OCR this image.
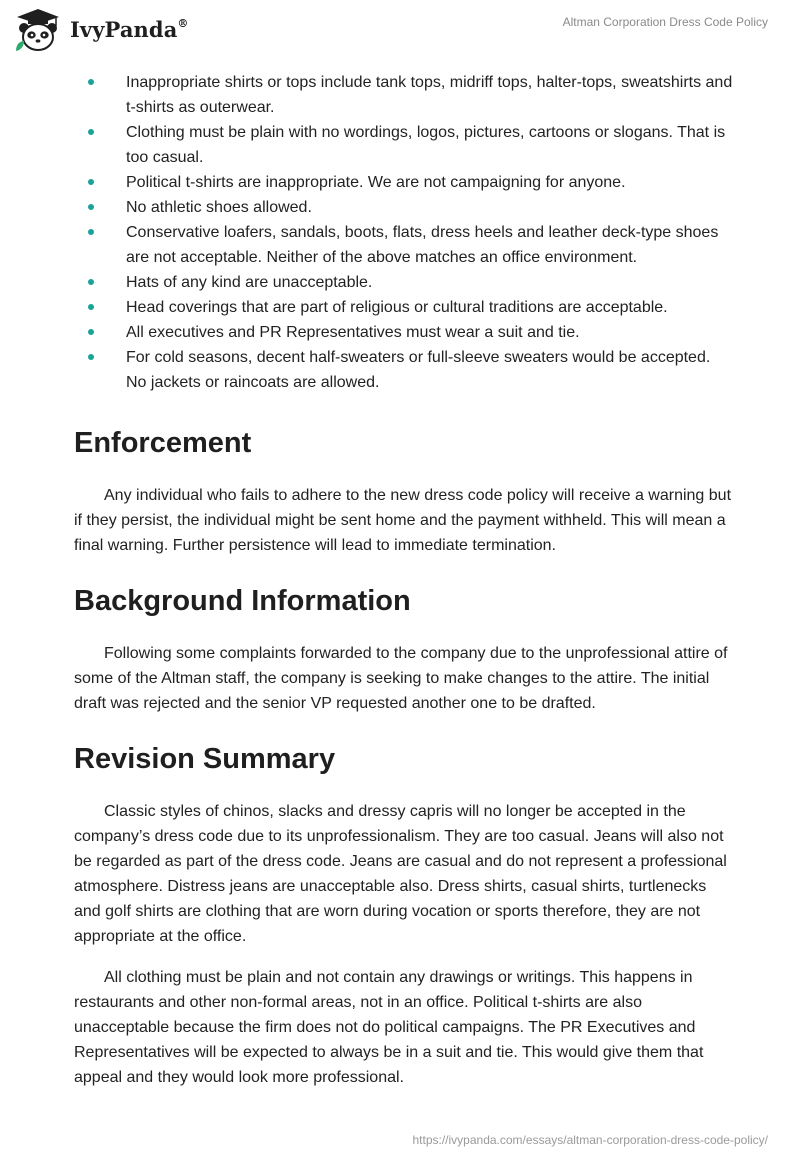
IvyPanda®	Altman Corporation Dress Code Policy
Inappropriate shirts or tops include tank tops, midriff tops, halter-tops, sweatshirts and t-shirts as outerwear.
Clothing must be plain with no wordings, logos, pictures, cartoons or slogans. That is too casual.
Political t-shirts are inappropriate. We are not campaigning for anyone.
No athletic shoes allowed.
Conservative loafers, sandals, boots, flats, dress heels and leather deck-type shoes are not acceptable. Neither of the above matches an office environment.
Hats of any kind are unacceptable.
Head coverings that are part of religious or cultural traditions are acceptable.
All executives and PR Representatives must wear a suit and tie.
For cold seasons, decent half-sweaters or full-sleeve sweaters would be accepted. No jackets or raincoats are allowed.
Enforcement

Any individual who fails to adhere to the new dress code policy will receive a warning but if they persist, the individual might be sent home and the payment withheld. This will mean a final warning. Further persistence will lead to immediate termination.

Background Information

Following some complaints forwarded to the company due to the unprofessional attire of some of the Altman staff, the company is seeking to make changes to the attire. The initial draft was rejected and the senior VP requested another one to be drafted.

Revision Summary

Classic styles of chinos, slacks and dressy capris will no longer be accepted in the company’s dress code due to its unprofessionalism. They are too casual. Jeans will also not be regarded as part of the dress code. Jeans are casual and do not represent a professional atmosphere. Distress jeans are unacceptable also. Dress shirts, casual shirts, turtlenecks and golf shirts are clothing that are worn during vocation or sports therefore, they are not appropriate at the office.

All clothing must be plain and not contain any drawings or writings. This happens in restaurants and other non-formal areas, not in an office. Political t-shirts are also unacceptable because the firm does not do political campaigns. The PR Executives and Representatives will be expected to always be in a suit and tie. This would give them that appeal and they would look more professional.

https://ivypanda.com/essays/altman-corporation-dress-code-policy/
